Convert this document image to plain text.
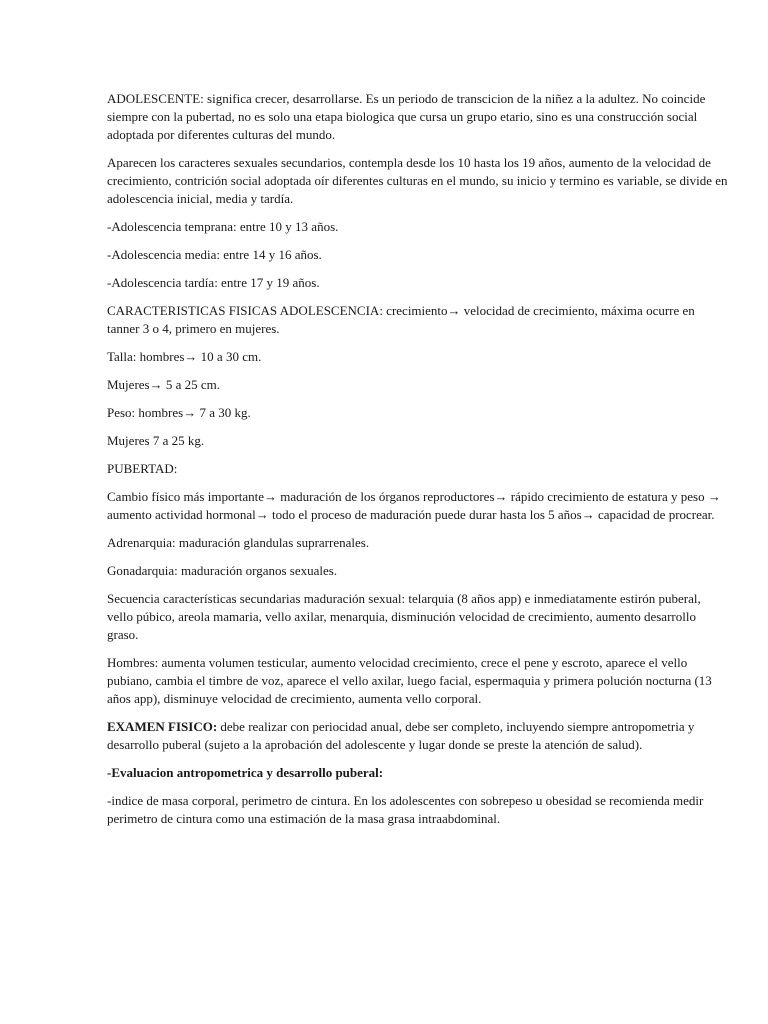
ADOLESCENTE: significa crecer, desarrollarse. Es un periodo de transcicion de la niñez a la adultez. No coincide siempre con la pubertad, no es solo una etapa biologica que cursa un grupo etario, sino es una construcción social adoptada por diferentes culturas del mundo.

Aparecen los caracteres sexuales secundarios, contempla desde los 10 hasta los 19 años, aumento de la velocidad de crecimiento, contrición social adoptada oír diferentes culturas en el mundo, su inicio y termino es variable, se divide en adolescencia inicial, media y tardía.

-Adolescencia temprana: entre 10 y 13 años.

-Adolescencia media: entre 14 y 16 años.

-Adolescencia tardía: entre 17 y 19 años.

CARACTERISTICAS FISICAS ADOLESCENCIA: crecimiento→ velocidad de crecimiento, máxima ocurre en tanner 3 o 4, primero en mujeres.

Talla: hombres→ 10 a 30 cm.

Mujeres→ 5 a 25 cm.

Peso: hombres→ 7 a 30 kg.

Mujeres 7 a 25 kg.

PUBERTAD:

Cambio físico más importante→ maduración de los órganos reproductores→ rápido crecimiento de estatura y peso → aumento actividad hormonal→ todo el proceso de maduración puede durar hasta los 5 años→ capacidad de procrear.

Adrenarquia: maduración glandulas suprarrenales.

Gonadarquia: maduración organos sexuales.

Secuencia características secundarias maduración sexual: telarquia (8 años app) e inmediatamente estirón puberal, vello púbico, areola mamaria, vello axilar, menarquia, disminución velocidad de crecimiento, aumento desarrollo graso.

Hombres: aumenta volumen testicular, aumento velocidad crecimiento, crece el pene y escroto, aparece el vello pubiano, cambia el timbre de voz, aparece el vello axilar, luego facial, espermaquia y primera polución nocturna (13 años app), disminuye velocidad de crecimiento, aumenta vello corporal.

EXAMEN FISICO: debe realizar con periocidad anual, debe ser completo, incluyendo siempre antropometria y desarrollo puberal (sujeto a la aprobación del adolescente y lugar donde se preste la atención de salud).

-Evaluacion antropometrica y desarrollo puberal:

-indice de masa corporal, perimetro de cintura. En los adolescentes con sobrepeso u obesidad se recomienda medir perimetro de cintura como una estimación de la masa grasa intraabdominal.
